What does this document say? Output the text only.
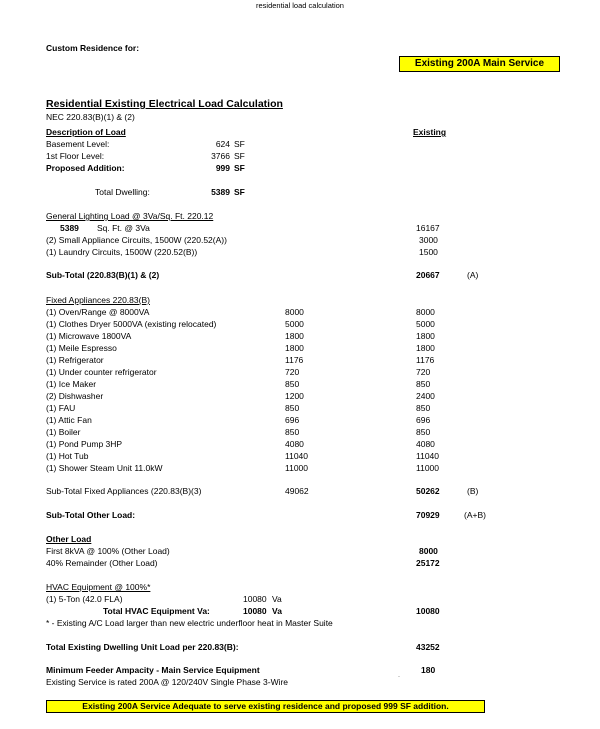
residential load calculation
Custom Residence for:
Existing 200A Main Service
Residential Existing Electrical Load Calculation
NEC 220.83(B)(1) & (2)
Description of Load	Existing
Basement Level:	624 SF
1st Floor Level:	3766 SF
Proposed Addition:	999 SF
Total Dwelling:	5389 SF
General Lighting Load @ 3Va/Sq. Ft. 220.12
5389 Sq. Ft. @ 3Va	16167
(2) Small Appliance Circuits, 1500W (220.52(A))	3000
(1) Laundry Circuits, 1500W (220.52(B))	1500
Sub-Total (220.83(B)(1) & (2)	20667	(A)
Fixed Appliances 220.83(B)
(1) Oven/Range @ 8000VA	8000	8000
(1) Clothes Dryer 5000VA (existing relocated)	5000	5000
(1) Microwave 1800VA	1800	1800
(1) Meile Espresso	1800	1800
(1) Refrigerator	1176	1176
(1) Under counter refrigerator	720	720
(1) Ice Maker	850	850
(2) Dishwasher	1200	2400
(1) FAU	850	850
(1) Attic Fan	696	696
(1) Boiler	850	850
(1) Pond Pump 3HP	4080	4080
(1) Hot Tub	11040	11040
(1) Shower Steam Unit 11.0kW	11000	11000
Sub-Total Fixed Appliances (220.83(B)(3)	49062	50262	(B)
Sub-Total Other Load:	70929	(A+B)
Other Load
First 8kVA @ 100% (Other Load)	8000
40% Remainder (Other Load)	25172
HVAC Equipment @ 100%*
(1) 5-Ton (42.0 FLA)	10080 Va
Total HVAC Equipment Va:	10080 Va	10080
* - Existing A/C Load larger than new electric underfloor heat in Master Suite
Total Existing Dwelling Unit Load per 220.83(B):	43252
Minimum Feeder Ampacity - Main Service Equipment	180
Existing Service is rated 200A @ 120/240V Single Phase 3-Wire	·
Existing 200A Service Adequate to serve existing residence and proposed 999 SF addition.
